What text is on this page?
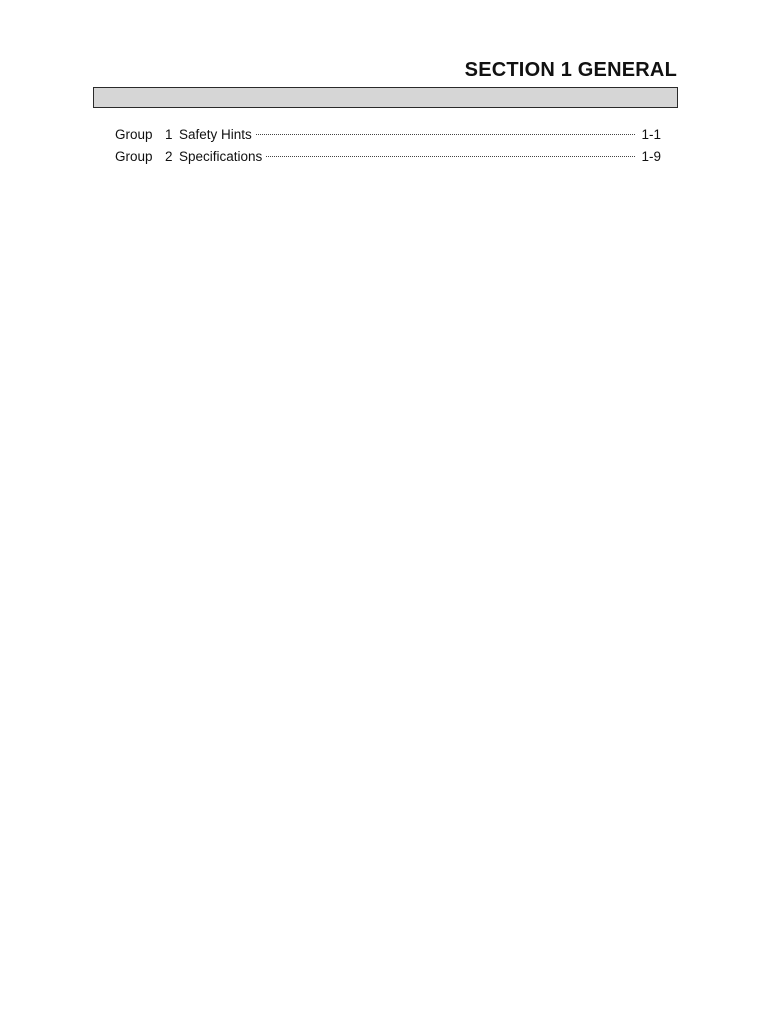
SECTION 1 GENERAL
Group 1 Safety Hints	1-1
Group 2 Specifications	1-9
